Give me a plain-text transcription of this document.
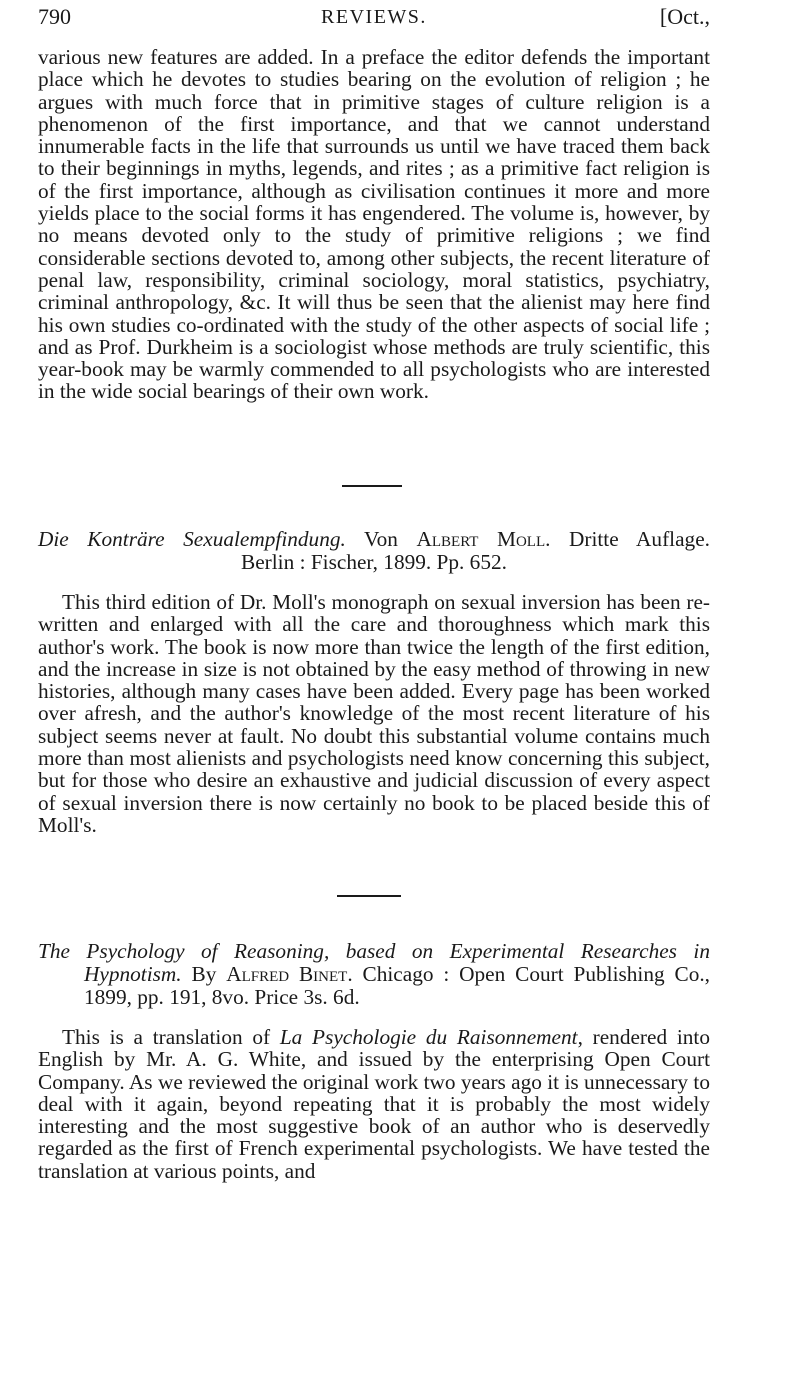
790	REVIEWS.	[Oct.,

various new features are added. In a preface the editor defends the important place which he devotes to studies bearing on the evolution of religion ; he argues with much force that in primitive stages of culture religion is a phenomenon of the first importance, and that we cannot understand innumerable facts in the life that surrounds us until we have traced them back to their beginnings in myths, legends, and rites ; as a primitive fact religion is of the first importance, although as civilisation continues it more and more yields place to the social forms it has engendered. The volume is, however, by no means devoted only to the study of primitive religions ; we find considerable sections devoted to, among other subjects, the recent literature of penal law, responsibility, criminal sociology, moral statistics, psychiatry, criminal anthropology, &c. It will thus be seen that the alienist may here find his own studies co-ordinated with the study of the other aspects of social life ; and as Prof. Durkheim is a sociologist whose methods are truly scientific, this year-book may be warmly commended to all psychologists who are interested in the wide social bearings of their own work.

Die Konträre Sexualempfindung. Von Albert Moll. Dritte Auflage.
Berlin : Fischer, 1899. Pp. 652.

This third edition of Dr. Moll's monograph on sexual inversion has been re-written and enlarged with all the care and thoroughness which mark this author's work. The book is now more than twice the length of the first edition, and the increase in size is not obtained by the easy method of throwing in new histories, although many cases have been added. Every page has been worked over afresh, and the author's knowledge of the most recent literature of his subject seems never at fault. No doubt this substantial volume contains much more than most alienists and psychologists need know concerning this subject, but for those who desire an exhaustive and judicial discussion of every aspect of sexual inversion there is now certainly no book to be placed beside this of Moll's.

The Psychology of Reasoning, based on Experimental Researches in Hypnotism. By Alfred Binet. Chicago : Open Court Publishing Co., 1899, pp. 191, 8vo. Price 3s. 6d.

This is a translation of La Psychologie du Raisonnement, rendered into English by Mr. A. G. White, and issued by the enterprising Open Court Company. As we reviewed the original work two years ago it is unnecessary to deal with it again, beyond repeating that it is probably the most widely interesting and the most suggestive book of an author who is deservedly regarded as the first of French experimental psychologists. We have tested the translation at various points, and
